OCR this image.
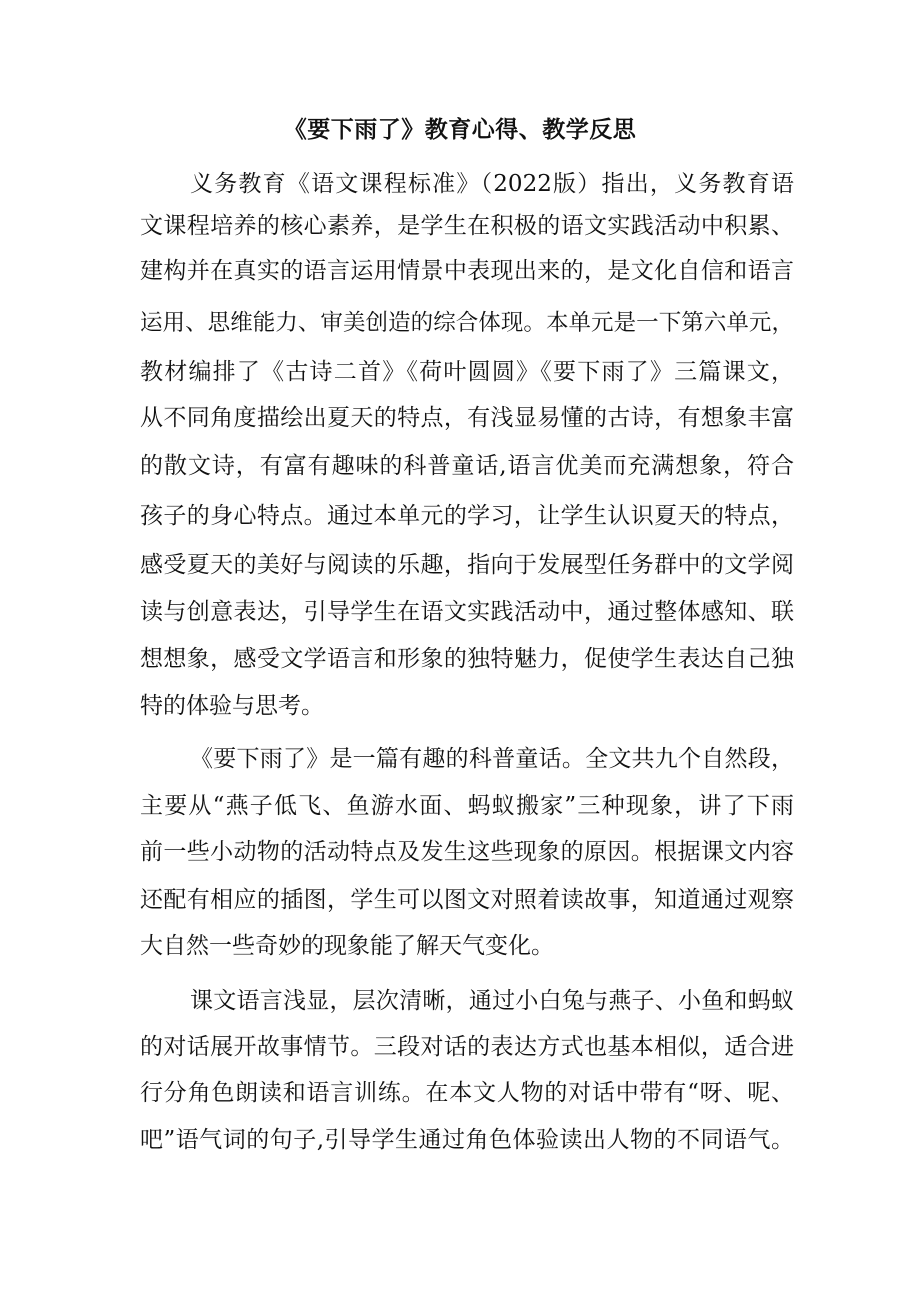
《要下雨了》教育心得、教学反思

义务教育《语文课程标准》（2022版）指出，义务教育语

文课程培养的核心素养，是学生在积极的语文实践活动中积累、

建构并在真实的语言运用情景中表现出来的，是文化自信和语言

运用、思维能力、审美创造的综合体现。本单元是一下第六单元，

教材编排了《古诗二首》《荷叶圆圆》《要下雨了》三篇课文，

从不同角度描绘出夏天的特点，有浅显易懂的古诗，有想象丰富

的散文诗，有富有趣味的科普童话,语言优美而充满想象，符合

孩子的身心特点。通过本单元的学习，让学生认识夏天的特点，

感受夏天的美好与阅读的乐趣，指向于发展型任务群中的文学阅

读与创意表达，引导学生在语文实践活动中，通过整体感知、联

想想象，感受文学语言和形象的独特魅力，促使学生表达自己独

特的体验与思考。

《要下雨了》是一篇有趣的科普童话。全文共九个自然段，

主要从“燕子低飞、鱼游水面、蚂蚁搬家”三种现象，讲了下雨

前一些小动物的活动特点及发生这些现象的原因。根据课文内容

还配有相应的插图，学生可以图文对照着读故事，知道通过观察

大自然一些奇妙的现象能了解天气变化。

课文语言浅显，层次清晰，通过小白兔与燕子、小鱼和蚂蚁

的对话展开故事情节。三段对话的表达方式也基本相似，适合进

行分角色朗读和语言训练。在本文人物的对话中带有“呀、呢、

吧”语气词的句子,引导学生通过角色体验读出人物的不同语气。
